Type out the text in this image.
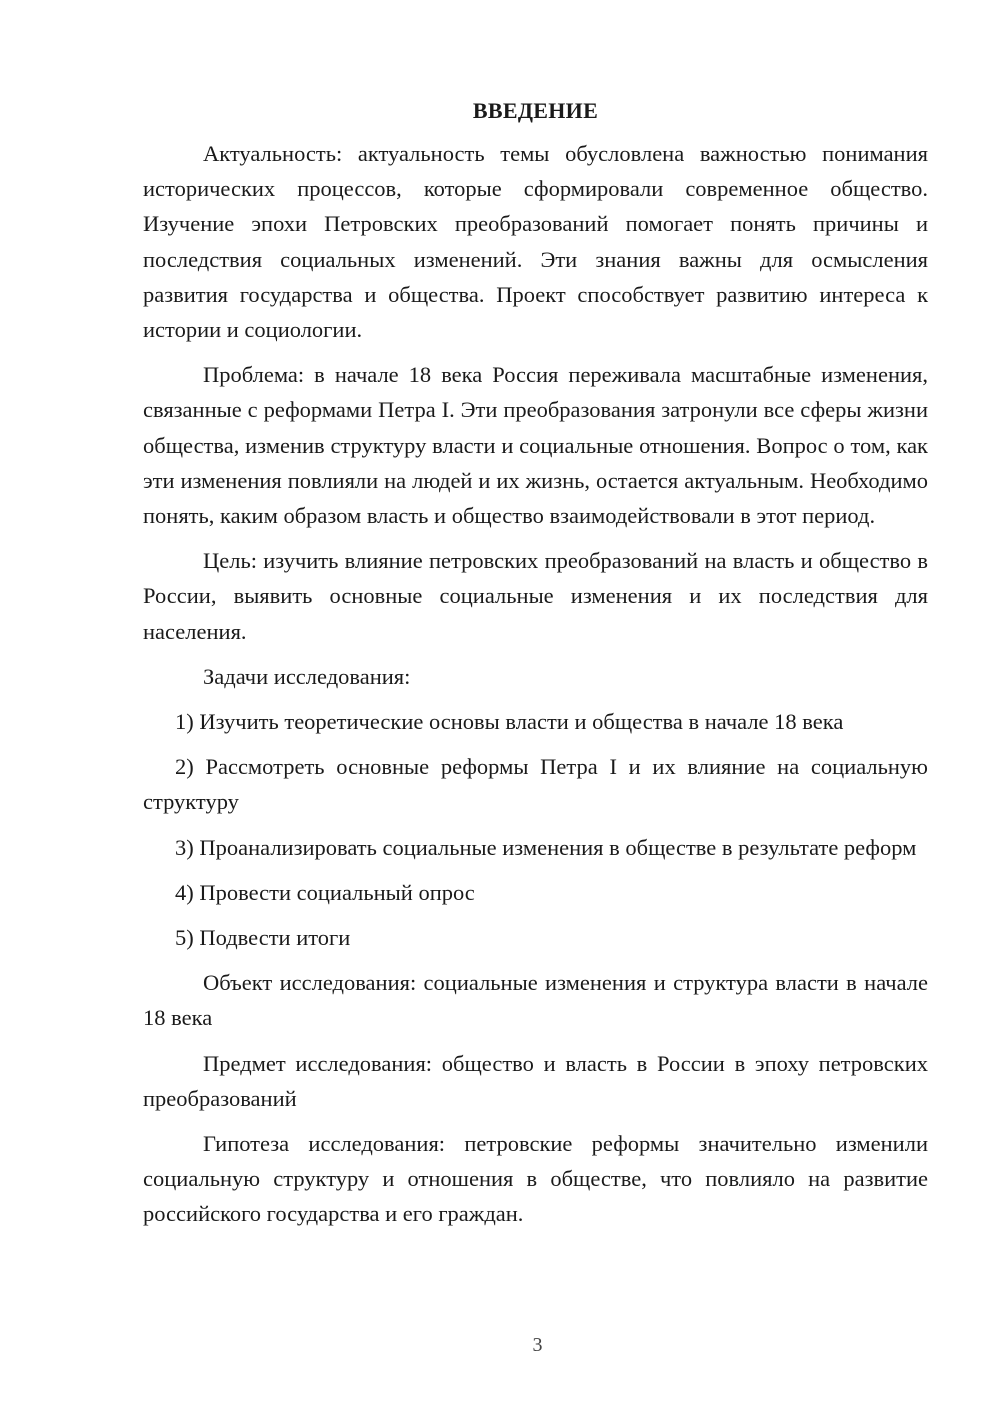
ВВЕДЕНИЕ

Актуальность: актуальность темы обусловлена важностью понимания исторических процессов, которые сформировали современное общество. Изучение эпохи Петровских преобразований помогает понять причины и последствия социальных изменений. Эти знания важны для осмысления развития государства и общества. Проект способствует развитию интереса к истории и социологии.

Проблема: в начале 18 века Россия переживала масштабные изменения, связанные с реформами Петра I. Эти преобразования затронули все сферы жизни общества, изменив структуру власти и социальные отношения. Вопрос о том, как эти изменения повлияли на людей и их жизнь, остается актуальным. Необходимо понять, каким образом власть и общество взаимодействовали в этот период.

Цель: изучить влияние петровских преобразований на власть и общество в России, выявить основные социальные изменения и их последствия для населения.

Задачи исследования:

1) Изучить теоретические основы власти и общества в начале 18 века

2) Рассмотреть основные реформы Петра I и их влияние на социальную структуру

3) Проанализировать социальные изменения в обществе в результате реформ

4) Провести социальный опрос

5) Подвести итоги

Объект исследования: социальные изменения и структура власти в начале 18 века

Предмет исследования: общество и власть в России в эпоху петровских преобразований

Гипотеза исследования: петровские реформы значительно изменили социальную структуру и отношения в обществе, что повлияло на развитие российского государства и его граждан.

3
